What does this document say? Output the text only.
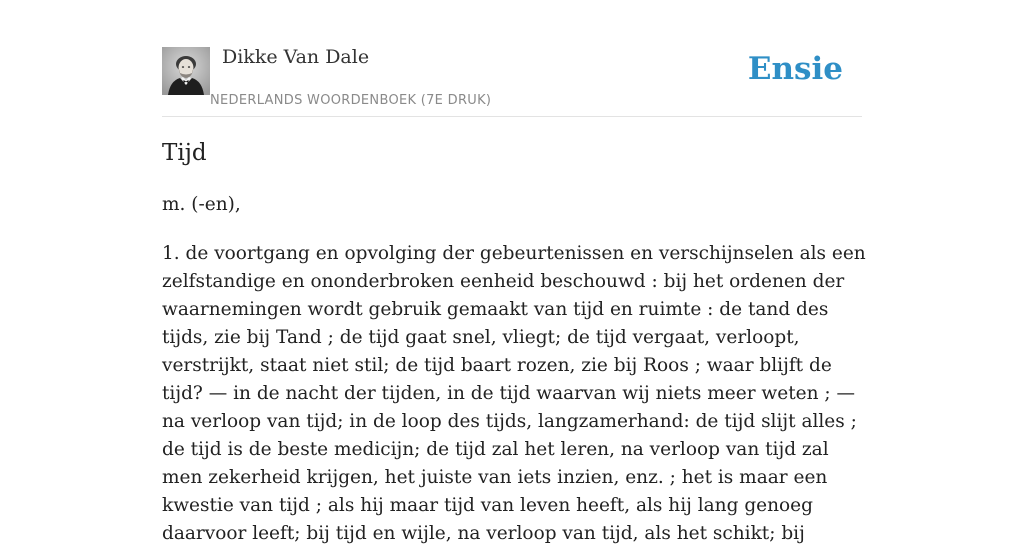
Dikke Van Dale
NEDERLANDS WOORDENBOEK (7E DRUK)
Ensie
Tijd

m. (-en),

1. de voortgang en opvolging der gebeurtenissen en verschijnselen als een zelfstandige en ononderbroken eenheid beschouwd : bij het ordenen der waarnemingen wordt gebruik gemaakt van tijd en ruimte : de tand des tijds, zie bij Tand ; de tijd gaat snel, vliegt; de tijd vergaat, verloopt, verstrijkt, staat niet stil; de tijd baart rozen, zie bij Roos ; waar blijft de tijd? — in de nacht der tijden, in de tijd waarvan wij niets meer weten ; — na verloop van tijd; in de loop des tijds, langzamerhand: de tijd slijt alles ; de tijd is de beste medicijn; de tijd zal het leren, na verloop van tijd zal men zekerheid krijgen, het juiste van iets inzien, enz. ; het is maar een kwestie van tijd ; als hij maar tijd van leven heeft, als hij lang genoeg daarvoor leeft; bij tijd en wijle, na verloop van tijd, als het schikt; bij
